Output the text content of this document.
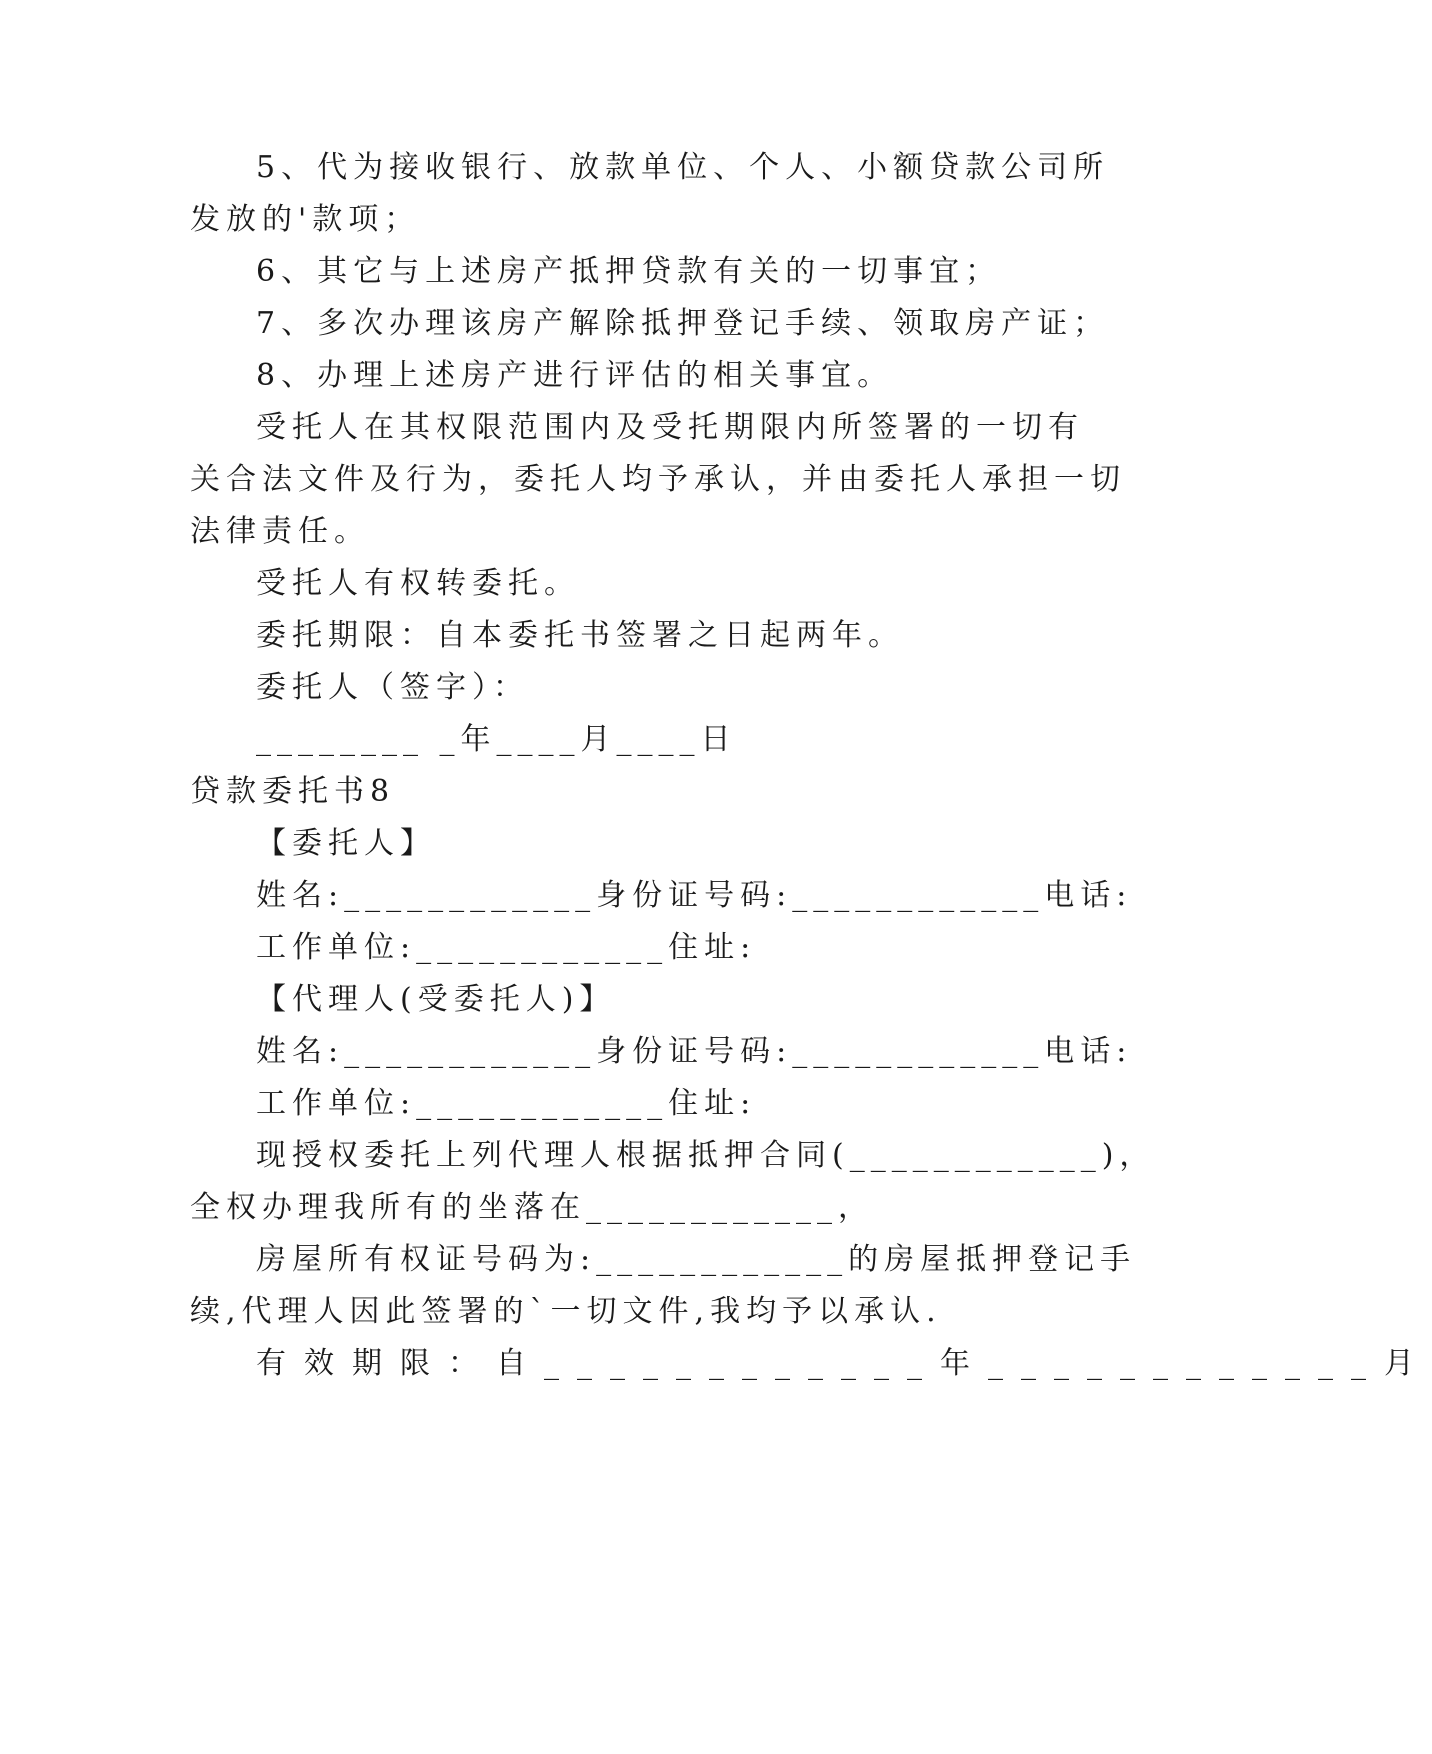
5、代为接收银行、放款单位、个人、小额贷款公司所
发放的'款项；
6、其它与上述房产抵押贷款有关的一切事宜；
7、多次办理该房产解除抵押登记手续、领取房产证；
8、办理上述房产进行评估的相关事宜。
受托人在其权限范围内及受托期限内所签署的一切有
关合法文件及行为，委托人均予承认，并由委托人承担一切
法律责任。
受托人有权转委托。
委托期限：自本委托书签署之日起两年。
委托人（签字）：
________ _年____月____日
贷款委托书8
【委托人】
姓名:____________身份证号码:____________电话:
工作单位:____________住址:
【代理人(受委托人)】
姓名:____________身份证号码:____________电话:
工作单位:____________住址:
现授权委托上列代理人根据抵押合同(____________)，
全权办理我所有的坐落在____________，
房屋所有权证号码为:____________的房屋抵押登记手
续,代理人因此签署的`一切文件,我均予以承认.
有效期限：自____________年____________月
